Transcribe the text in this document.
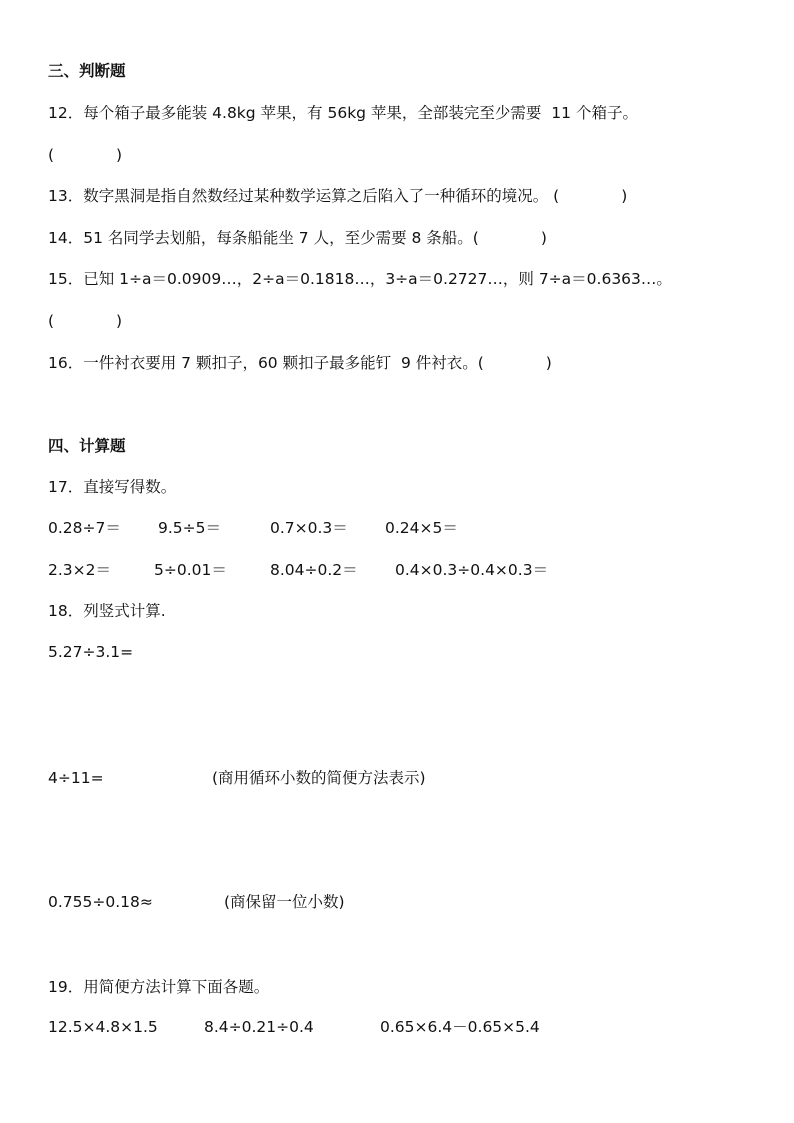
三、判断题
12．每个箱子最多能装 4.8kg 苹果，有 56kg 苹果，全部装完至少需要  11 个箱子。
(　　　　)
13．数字黑洞是指自然数经过某种数学运算之后陷入了一种循环的境况。 (　　　　)
14．51 名同学去划船，每条船能坐 7 人，至少需要 8 条船。(　　　　)
15．已知 1÷a＝0.0909…，2÷a＝0.1818…，3÷a＝0.2727…，则 7÷a＝0.6363…。
(　　　　)
16．一件衬衣要用 7 颗扣子，60 颗扣子最多能钉  9 件衬衣。(　　　　)
四、计算题
17．直接写得数。
0.28÷7＝ 9.5÷5＝	0.7×0.3＝ 0.24×5＝
2.3×2＝	5÷0.01＝	8.04÷0.2＝ 0.4×0.3÷0.4×0.3＝
18．列竖式计算.
5.27÷3.1=
4÷11=	(商用循环小数的简便方法表示)
0.755÷0.18≈	(商保留一位小数)
19．用简便方法计算下面各题。
12.5×4.8×1.5	8.4÷0.21÷0.4	0.65×6.4－0.65×5.4
